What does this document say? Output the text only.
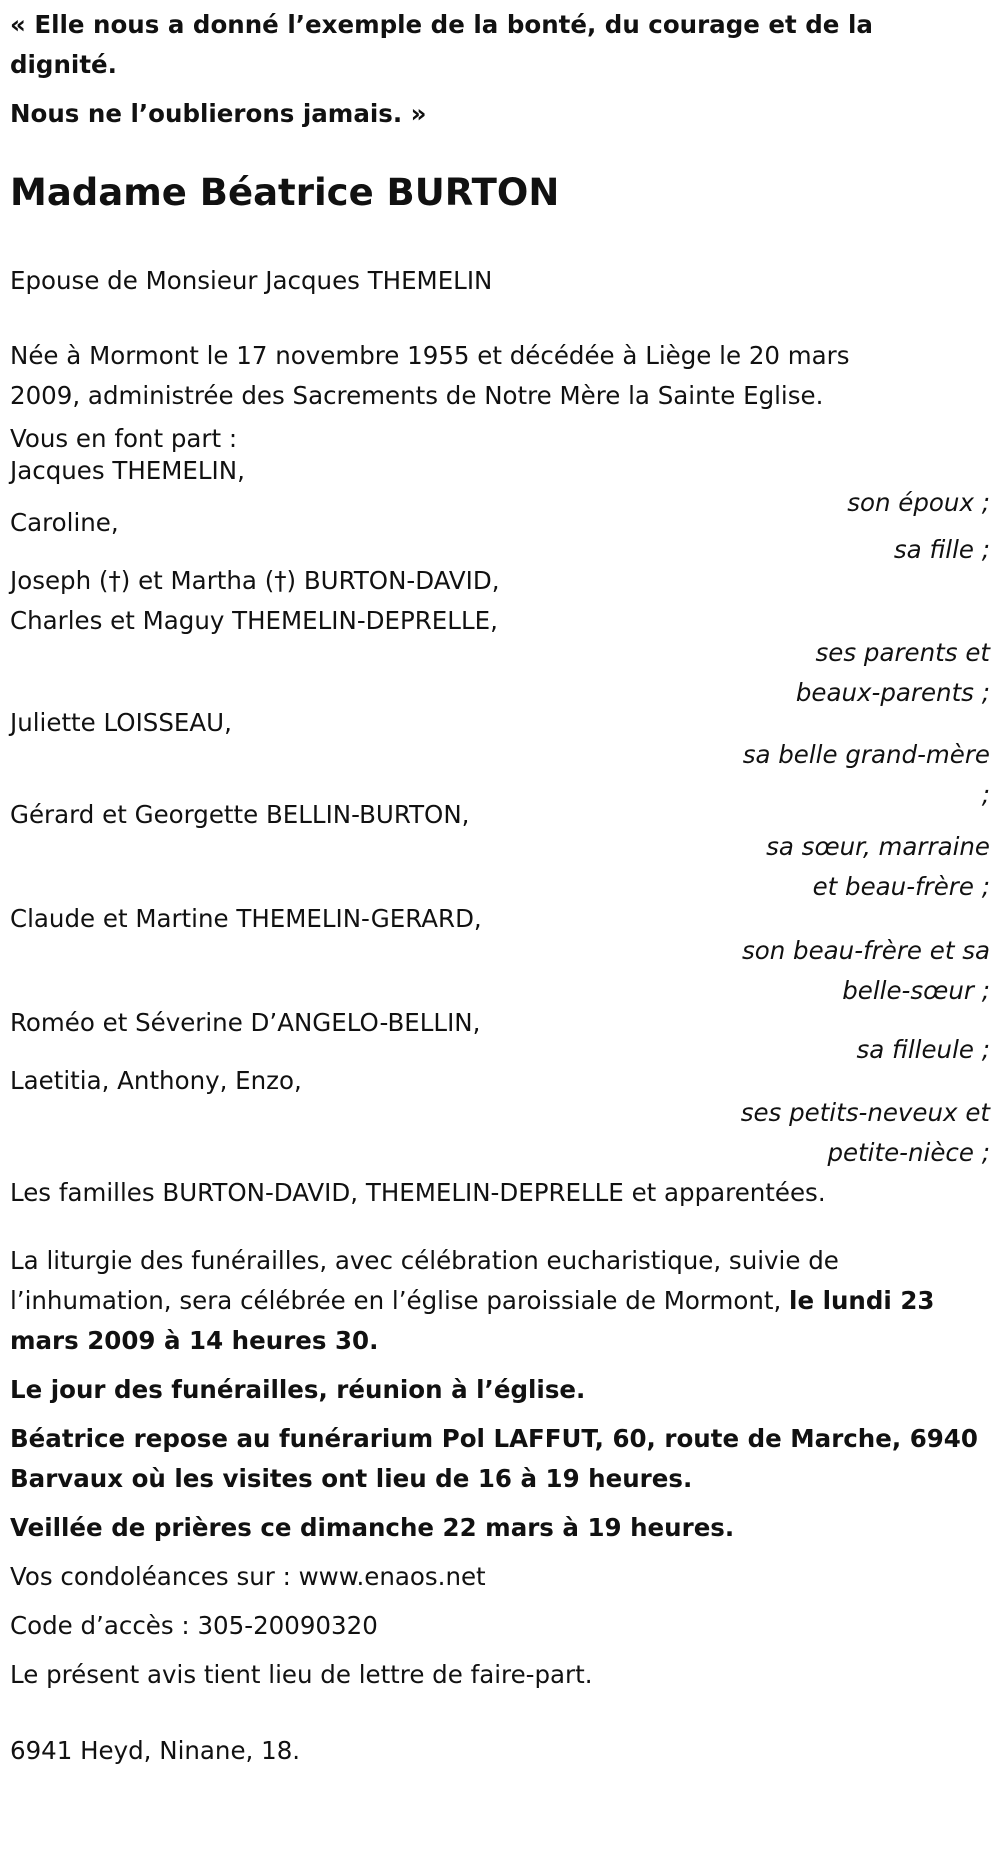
« Elle nous a donné l’exemple de la bonté, du courage et de la

dignité.

Nous ne l’oublierons jamais. »

Madame Béatrice BURTON

Epouse de Monsieur Jacques THEMELIN

Née à Mormont le 17 novembre 1955 et décédée à Liège le 20 mars

2009, administrée des Sacrements de Notre Mère la Sainte Eglise.

Vous en font part :

Jacques THEMELIN,
son époux ;
Caroline,
sa fille ;
Joseph (†) et Martha (†) BURTON-DAVID,
Charles et Maguy THEMELIN-DEPRELLE,
ses parents et
beaux-parents ;
Juliette LOISSEAU,
sa belle grand-mère
;
Gérard et Georgette BELLIN-BURTON,
sa sœur, marraine
et beau-frère ;
Claude et Martine THEMELIN-GERARD,
son beau-frère et sa
belle-sœur ;
Roméo et Séverine D’ANGELO-BELLIN,
sa filleule ;
Laetitia, Anthony, Enzo,
ses petits-neveux et
petite-nièce ;

Les familles BURTON-DAVID, THEMELIN-DEPRELLE et apparentées.

La liturgie des funérailles, avec célébration eucharistique, suivie de

l’inhumation, sera célébrée en l’église paroissiale de Mormont, le lundi 23

mars 2009 à 14 heures 30.

Le jour des funérailles, réunion à l’église.

Béatrice repose au funérarium Pol LAFFUT, 60, route de Marche, 6940

Barvaux où les visites ont lieu de 16 à 19 heures.

Veillée de prières ce dimanche 22 mars à 19 heures.

Vos condoléances sur : www.enaos.net

Code d’accès : 305-20090320

Le présent avis tient lieu de lettre de faire-part.

6941 Heyd, Ninane, 18.
